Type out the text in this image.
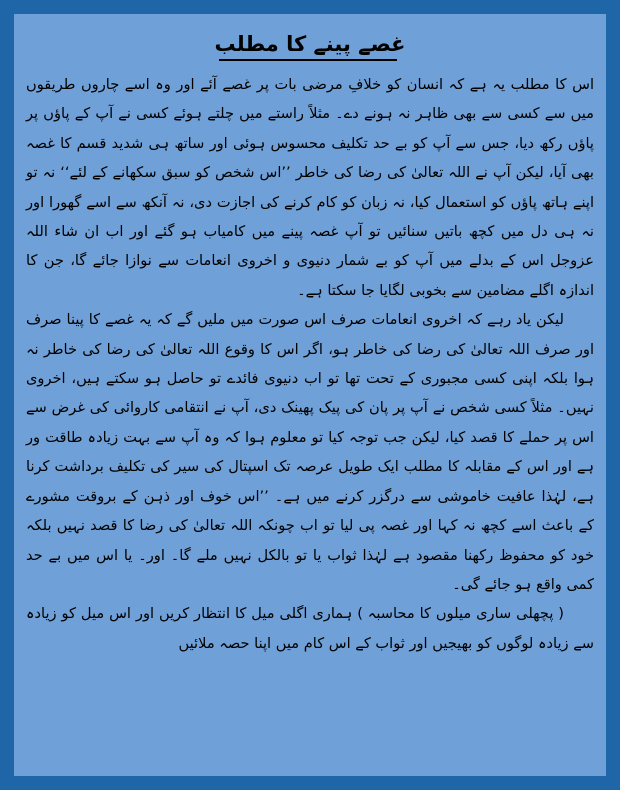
غصے پینے کا مطلب

اس کا مطلب یہ ہے کہ انسان کو خلافِ مرضی بات پر غصے آئے اور وہ اسے چاروں طریقوں میں سے کسی سے بھی ظاہر نہ ہونے دے۔ مثلاً راستے میں چلتے ہوئے کسی نے آپ کے پاؤں پر پاؤں رکھ دیا، جس سے آپ کو بے حد تکلیف محسوس ہوئی اور ساتھ ہی شدید قسم کا غصہ بھی آیا، لیکن آپ نے اللہ تعالیٰ کی رضا کی خاطر ’’اس شخص کو سبق سکھانے کے لئے‘‘ نہ تو اپنے ہاتھ پاؤں کو استعمال کیا، نہ زبان کو کام کرنے کی اجازت دی، نہ آنکھ سے اسے گھورا اور نہ ہی دل میں کچھ باتیں سنائیں تو آپ غصہ پینے میں کامیاب ہو گئے اور اب ان شاء اللہ عزوجل اس کے بدلے میں آپ کو بے شمار دنیوی و اخروی انعامات سے نوازا جائے گا، جن کا اندازہ اگلے مضامین سے بخوبی لگایا جا سکتا ہے۔

لیکن یاد رہے کہ اخروی انعامات صرف اس صورت میں ملیں گے کہ یہ غصے کا پینا صرف اور صرف اللہ تعالیٰ کی رضا کی خاطر ہو، اگر اس کا وقوع اللہ تعالیٰ کی رضا کی خاطر نہ ہوا بلکہ اپنی کسی مجبوری کے تحت تھا تو اب دنیوی فائدے تو حاصل ہو سکتے ہیں، اخروی نہیں۔ مثلاً کسی شخص نے آپ پر پان کی پیک پھینک دی، آپ نے انتقامی کاروائی کی غرض سے اس پر حملے کا قصد کیا، لیکن جب توجہ کیا تو معلوم ہوا کہ وہ آپ سے بہت زیادہ طاقت ور ہے اور اس کے مقابلہ کا مطلب ایک طویل عرصہ تک اسپتال کی سیر کی تکلیف برداشت کرنا ہے، لہٰذا عافیت خاموشی سے درگزر کرنے میں ہے۔ ’’اس خوف اور ذہن کے بروقت مشورے کے باعث اسے کچھ نہ کہا اور غصہ پی لیا تو اب چونکہ اللہ تعالیٰ کی رضا کا قصد نہیں بلکہ خود کو محفوظ رکھنا مقصود ہے لہٰذا ثواب یا تو بالکل نہیں ملے گا۔ اور۔ یا اس میں بے حد کمی واقع ہو جائے گی۔

( پچھلی ساری میلوں کا محاسبہ ) ہماری اگلی میل کا انتظار کریں اور اس میل کو زیادہ سے زیادہ لوگوں کو بھیجیں اور ثواب کے اس کام میں اپنا حصہ ملائیں
